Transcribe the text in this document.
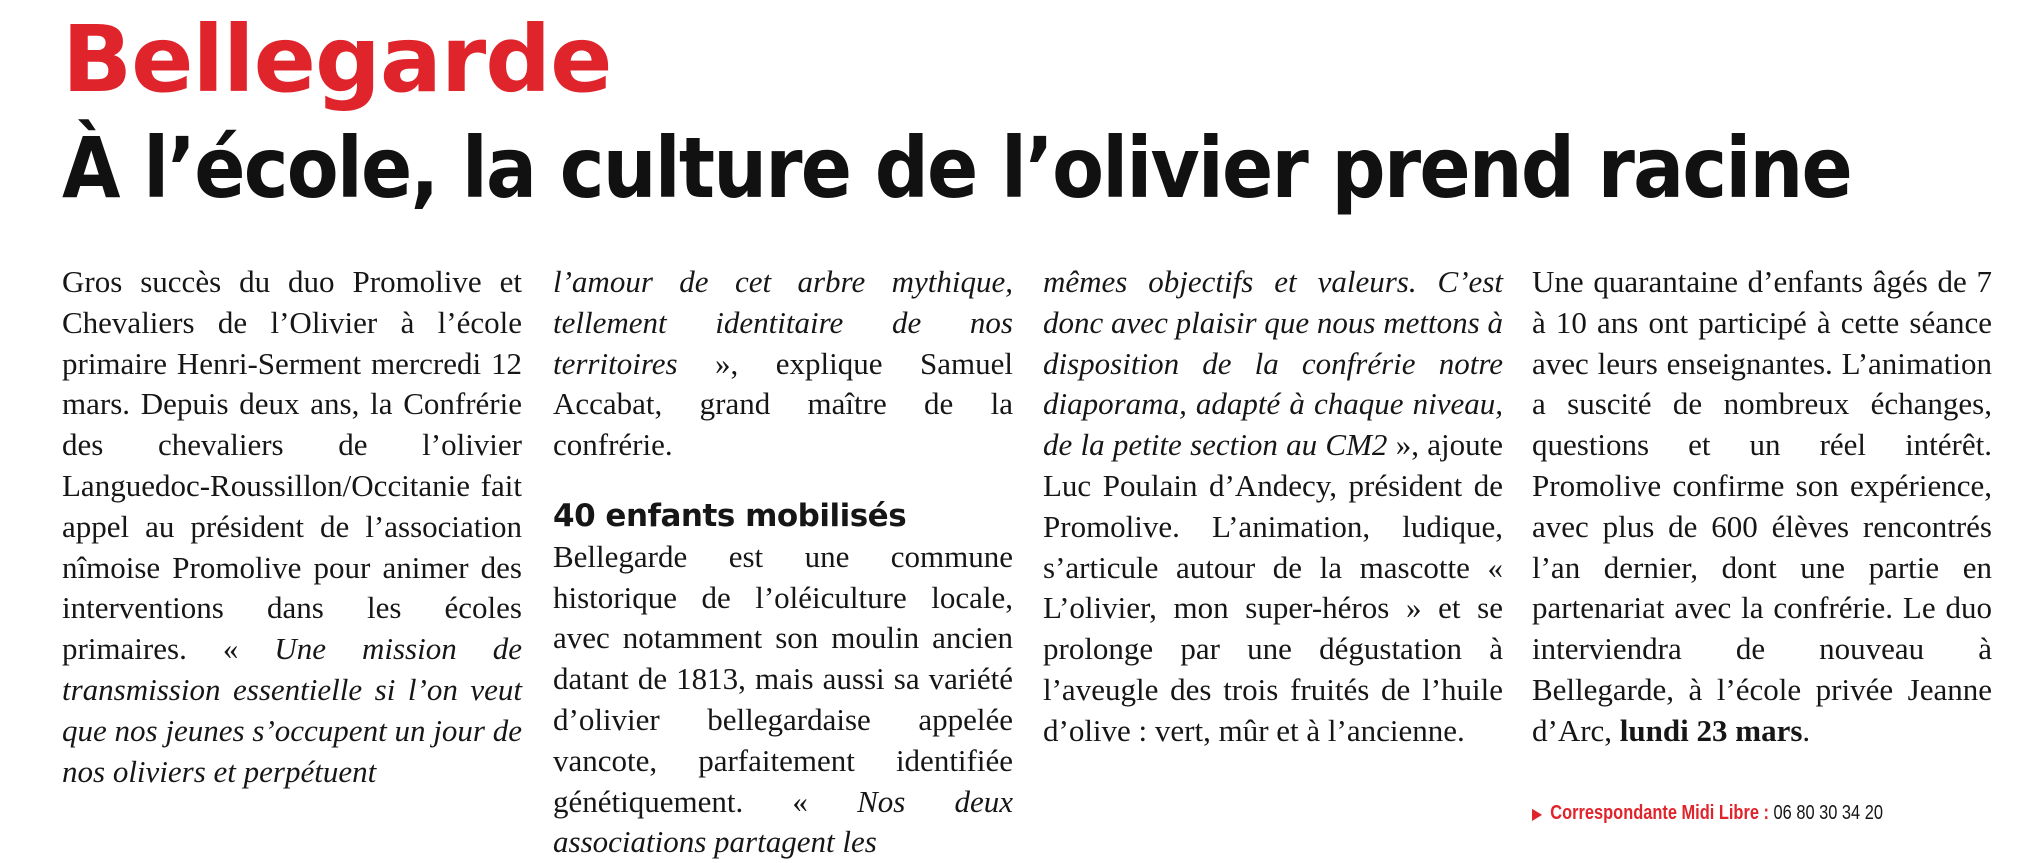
Bellegarde
À l’école, la culture de l’olivier prend racine

Gros succès du duo Promolive et Chevaliers de l’Olivier à l’école primaire Henri-Serment mercredi 12 mars. Depuis deux ans, la Confrérie des chevaliers de l’olivier Languedoc-Roussillon/Occitanie fait appel au président de l’association nîmoise Promolive pour animer des interventions dans les écoles primaires. « Une mission de transmission essentielle si l’on veut que nos jeunes s’occupent un jour de nos oliviers et perpétuent

l’amour de cet arbre mythique, tellement identitaire de nos territoires », explique Samuel Accabat, grand maître de la confrérie.

40 enfants mobilisés

Bellegarde est une commune historique de l’oléiculture locale, avec notamment son moulin ancien datant de 1813, mais aussi sa variété d’olivier bellegardaise appelée vancote, parfaitement identifiée génétiquement. « Nos deux associations partagent les

mêmes objectifs et valeurs. C’est donc avec plaisir que nous mettons à disposition de la confrérie notre diaporama, adapté à chaque niveau, de la petite section au CM2 », ajoute Luc Poulain d’Andecy, président de Promolive. L’animation, ludique, s’articule autour de la mascotte « L’olivier, mon super-héros » et se prolonge par une dégustation à l’aveugle des trois fruités de l’huile d’olive : vert, mûr et à l’ancienne.

Une quarantaine d’enfants âgés de 7 à 10 ans ont participé à cette séance avec leurs enseignantes. L’animation a suscité de nombreux échanges, questions et un réel intérêt. Promolive confirme son expérience, avec plus de 600 élèves rencontrés l’an dernier, dont une partie en partenariat avec la confrérie. Le duo interviendra de nouveau à Bellegarde, à l’école privée Jeanne d’Arc, lundi 23 mars.

▶ Correspondante Midi Libre : 06 80 30 34 20
